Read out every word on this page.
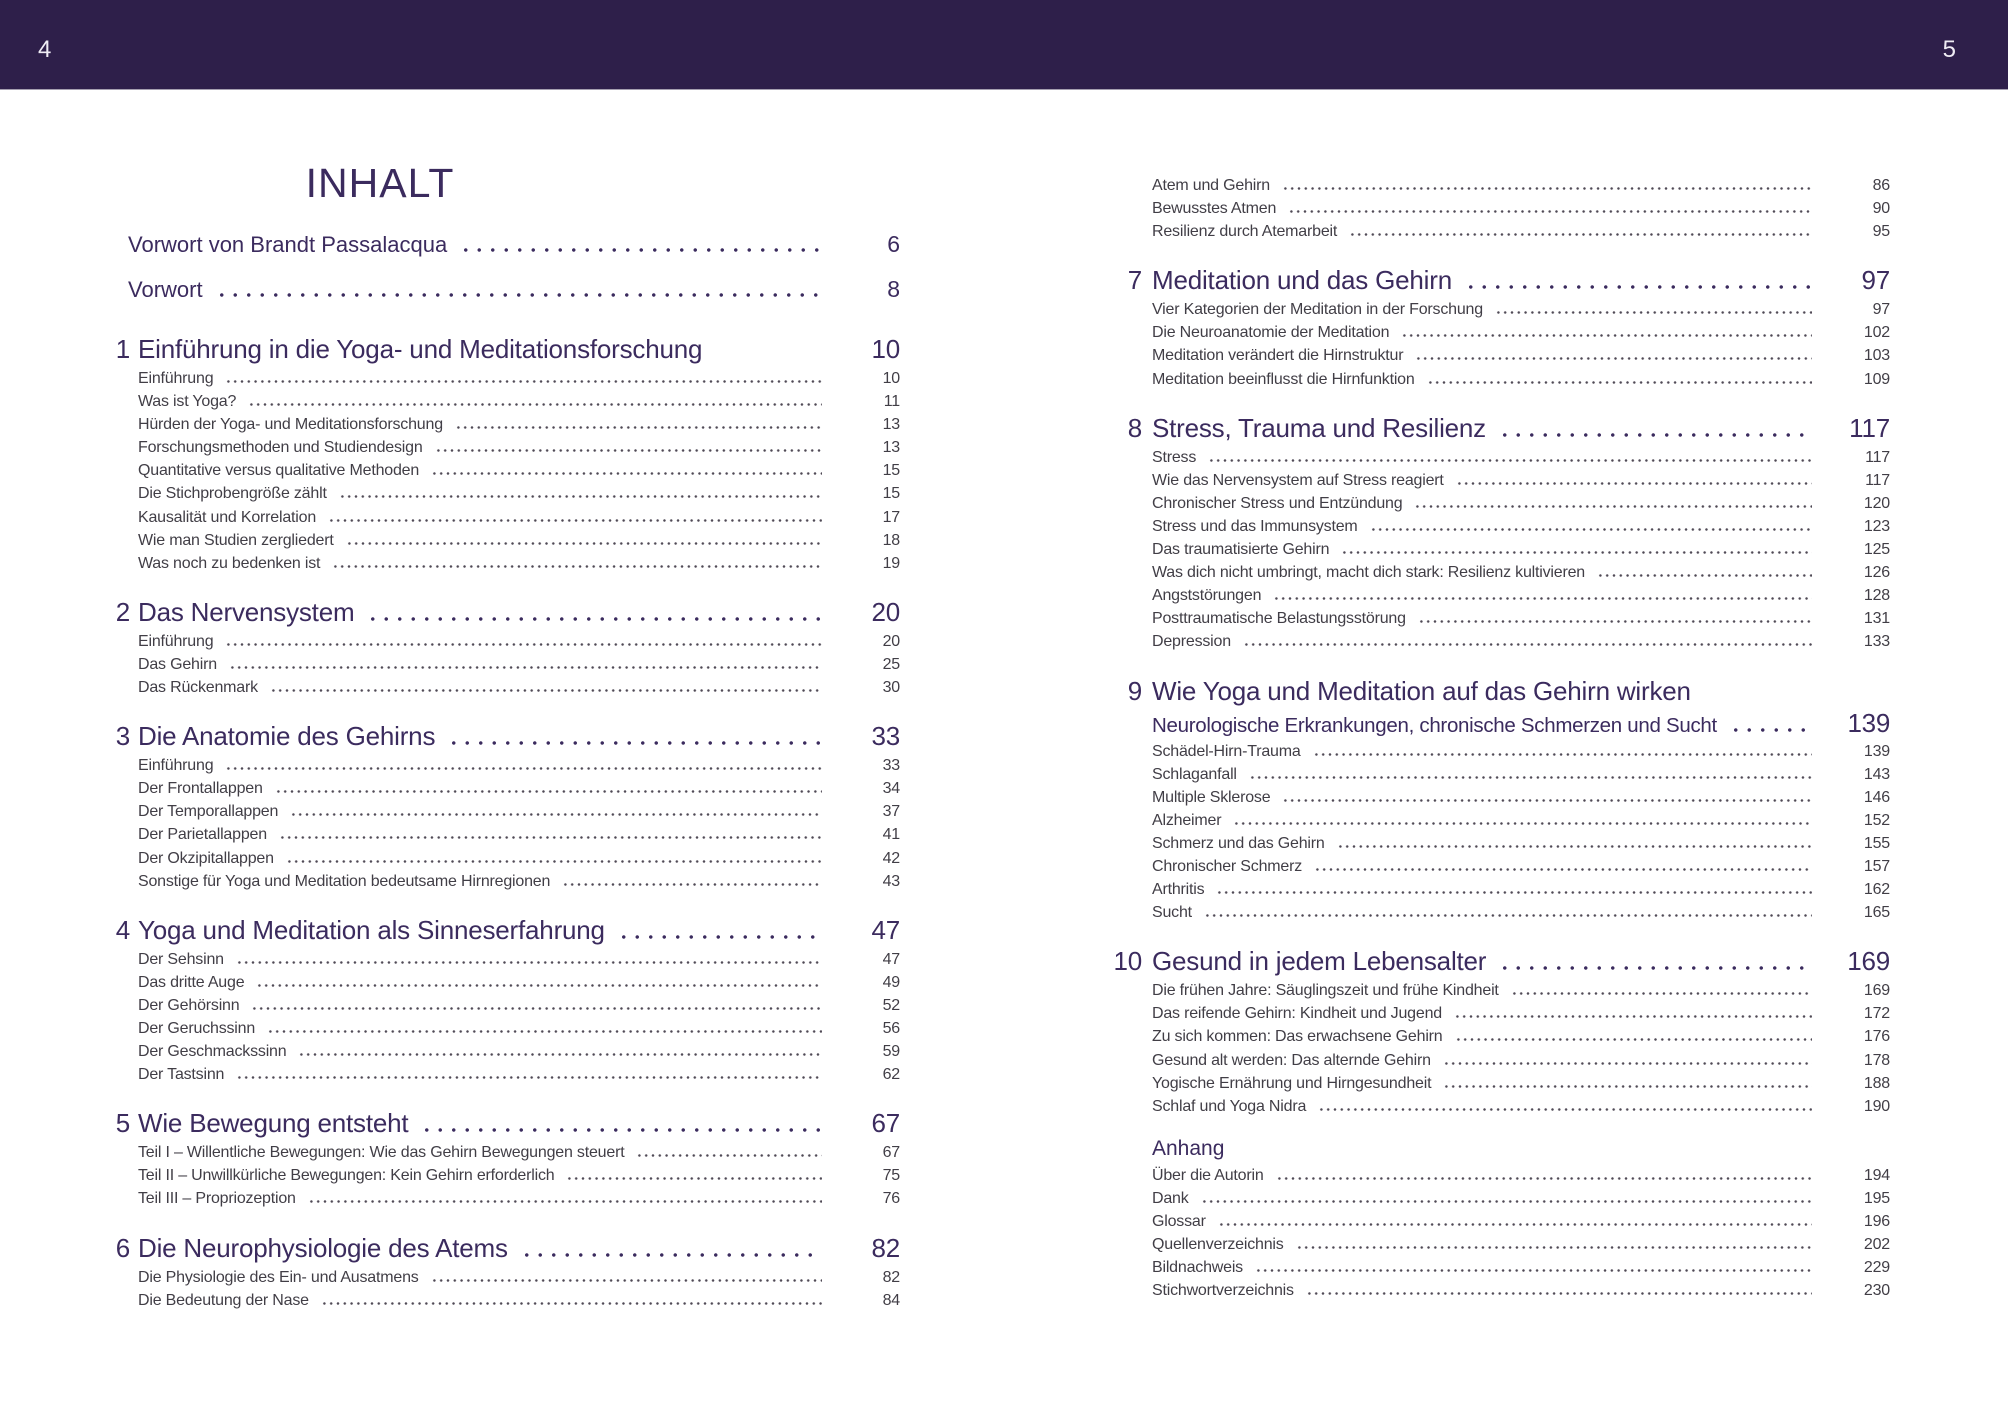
4	5
INHALT
Vorwort von Brandt Passalacqua	6
Vorwort	8
1 Einführung in die Yoga- und Meditationsforschung	10
Einführung	10
Was ist Yoga?	11
Hürden der Yoga- und Meditationsforschung	13
Forschungsmethoden und Studiendesign	13
Quantitative versus qualitative Methoden	15
Die Stichprobengröße zählt	15
Kausalität und Korrelation	17
Wie man Studien zergliedert	18
Was noch zu bedenken ist	19
2 Das Nervensystem	20
Einführung	20
Das Gehirn	25
Das Rückenmark	30
3 Die Anatomie des Gehirns	33
Einführung	33
Der Frontallappen	34
Der Temporallappen	37
Der Parietallappen	41
Der Okzipitallappen	42
Sonstige für Yoga und Meditation bedeutsame Hirnregionen	43
4 Yoga und Meditation als Sinneserfahrung	47
Der Sehsinn	47
Das dritte Auge	49
Der Gehörsinn	52
Der Geruchssinn	56
Der Geschmackssinn	59
Der Tastsinn	62
5 Wie Bewegung entsteht	67
Teil I – Willentliche Bewegungen: Wie das Gehirn Bewegungen steuert	67
Teil II – Unwillkürliche Bewegungen: Kein Gehirn erforderlich	75
Teil III – Propriozeption	76
6 Die Neurophysiologie des Atems	82
Die Physiologie des Ein- und Ausatmens	82
Die Bedeutung der Nase	84
Atem und Gehirn	86
Bewusstes Atmen	90
Resilienz durch Atemarbeit	95
7 Meditation und das Gehirn	97
Vier Kategorien der Meditation in der Forschung	97
Die Neuroanatomie der Meditation	102
Meditation verändert die Hirnstruktur	103
Meditation beeinflusst die Hirnfunktion	109
8 Stress, Trauma und Resilienz	117
Stress	117
Wie das Nervensystem auf Stress reagiert	117
Chronischer Stress und Entzündung	120
Stress und das Immunsystem	123
Das traumatisierte Gehirn	125
Was dich nicht umbringt, macht dich stark: Resilienz kultivieren	126
Angststörungen	128
Posttraumatische Belastungsstörung	131
Depression	133
9 Wie Yoga und Meditation auf das Gehirn wirken
Neurologische Erkrankungen, chronische Schmerzen und Sucht	139
Schädel-Hirn-Trauma	139
Schlaganfall	143
Multiple Sklerose	146
Alzheimer	152
Schmerz und das Gehirn	155
Chronischer Schmerz	157
Arthritis	162
Sucht	165
10 Gesund in jedem Lebensalter	169
Die frühen Jahre: Säuglingszeit und frühe Kindheit	169
Das reifende Gehirn: Kindheit und Jugend	172
Zu sich kommen: Das erwachsene Gehirn	176
Gesund alt werden: Das alternde Gehirn	178
Yogische Ernährung und Hirngesundheit	188
Schlaf und Yoga Nidra	190
Anhang
Über die Autorin	194
Dank	195
Glossar	196
Quellenverzeichnis	202
Bildnachweis	229
Stichwortverzeichnis	230
